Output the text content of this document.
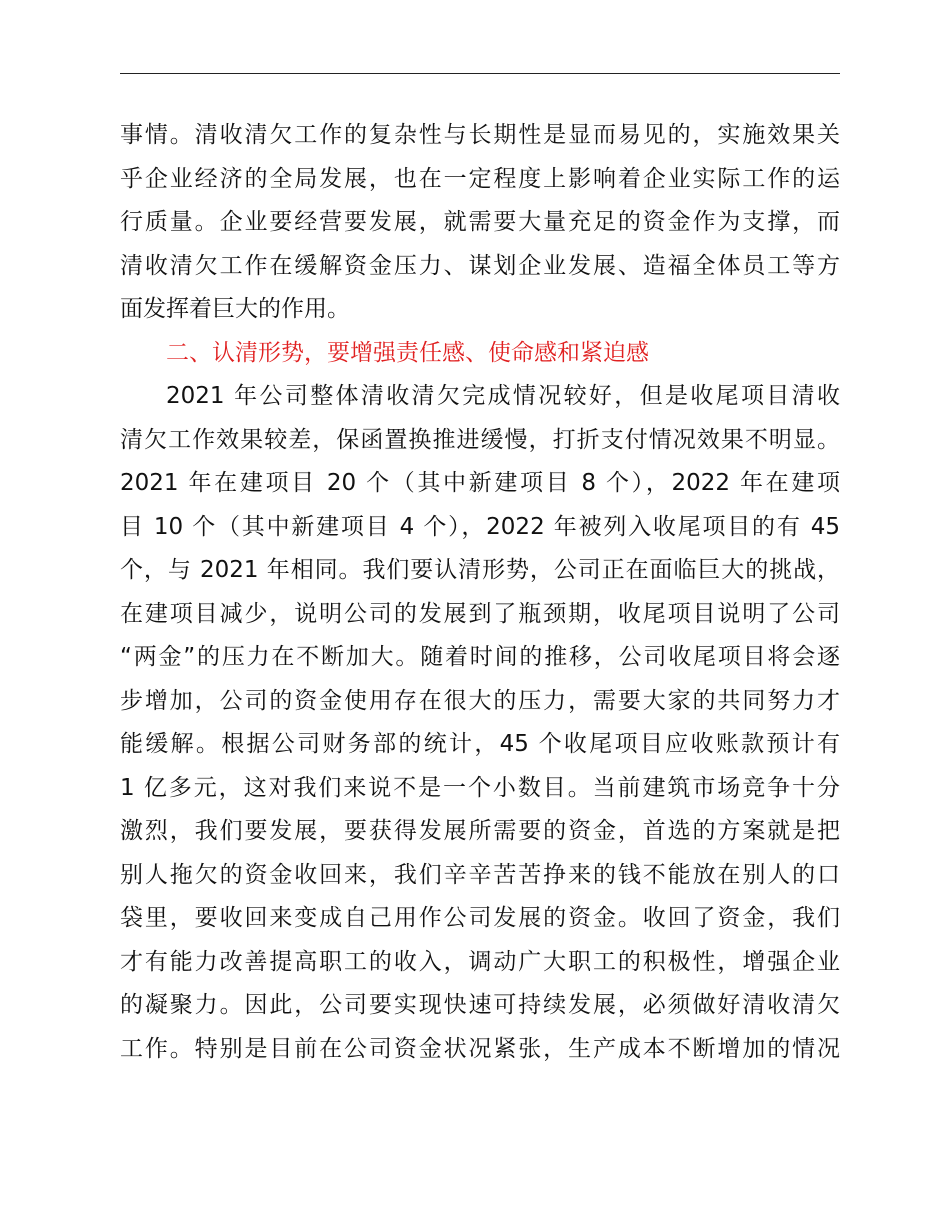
事情。清收清欠工作的复杂性与长期性是显而易见的，实施效果关
乎企业经济的全局发展，也在一定程度上影响着企业实际工作的运
行质量。企业要经营要发展，就需要大量充足的资金作为支撑，而
清收清欠工作在缓解资金压力、谋划企业发展、造福全体员工等方
面发挥着巨大的作用。
二、认清形势，要增强责任感、使命感和紧迫感
2021 年公司整体清收清欠完成情况较好，但是收尾项目清收
清欠工作效果较差，保函置换推进缓慢，打折支付情况效果不明显。
2021 年在建项目 20 个（其中新建项目 8 个），2022 年在建项
目 10 个（其中新建项目 4 个），2022 年被列入收尾项目的有 45
个，与 2021 年相同。我们要认清形势，公司正在面临巨大的挑战，
在建项目减少，说明公司的发展到了瓶颈期，收尾项目说明了公司
“两金”的压力在不断加大。随着时间的推移，公司收尾项目将会逐
步增加，公司的资金使用存在很大的压力，需要大家的共同努力才
能缓解。根据公司财务部的统计，45 个收尾项目应收账款预计有
1 亿多元，这对我们来说不是一个小数目。当前建筑市场竞争十分
激烈，我们要发展，要获得发展所需要的资金，首选的方案就是把
别人拖欠的资金收回来，我们辛辛苦苦挣来的钱不能放在别人的口
袋里，要收回来变成自己用作公司发展的资金。收回了资金，我们
才有能力改善提高职工的收入，调动广大职工的积极性，增强企业
的凝聚力。因此，公司要实现快速可持续发展，必须做好清收清欠
工作。特别是目前在公司资金状况紧张，生产成本不断增加的情况
